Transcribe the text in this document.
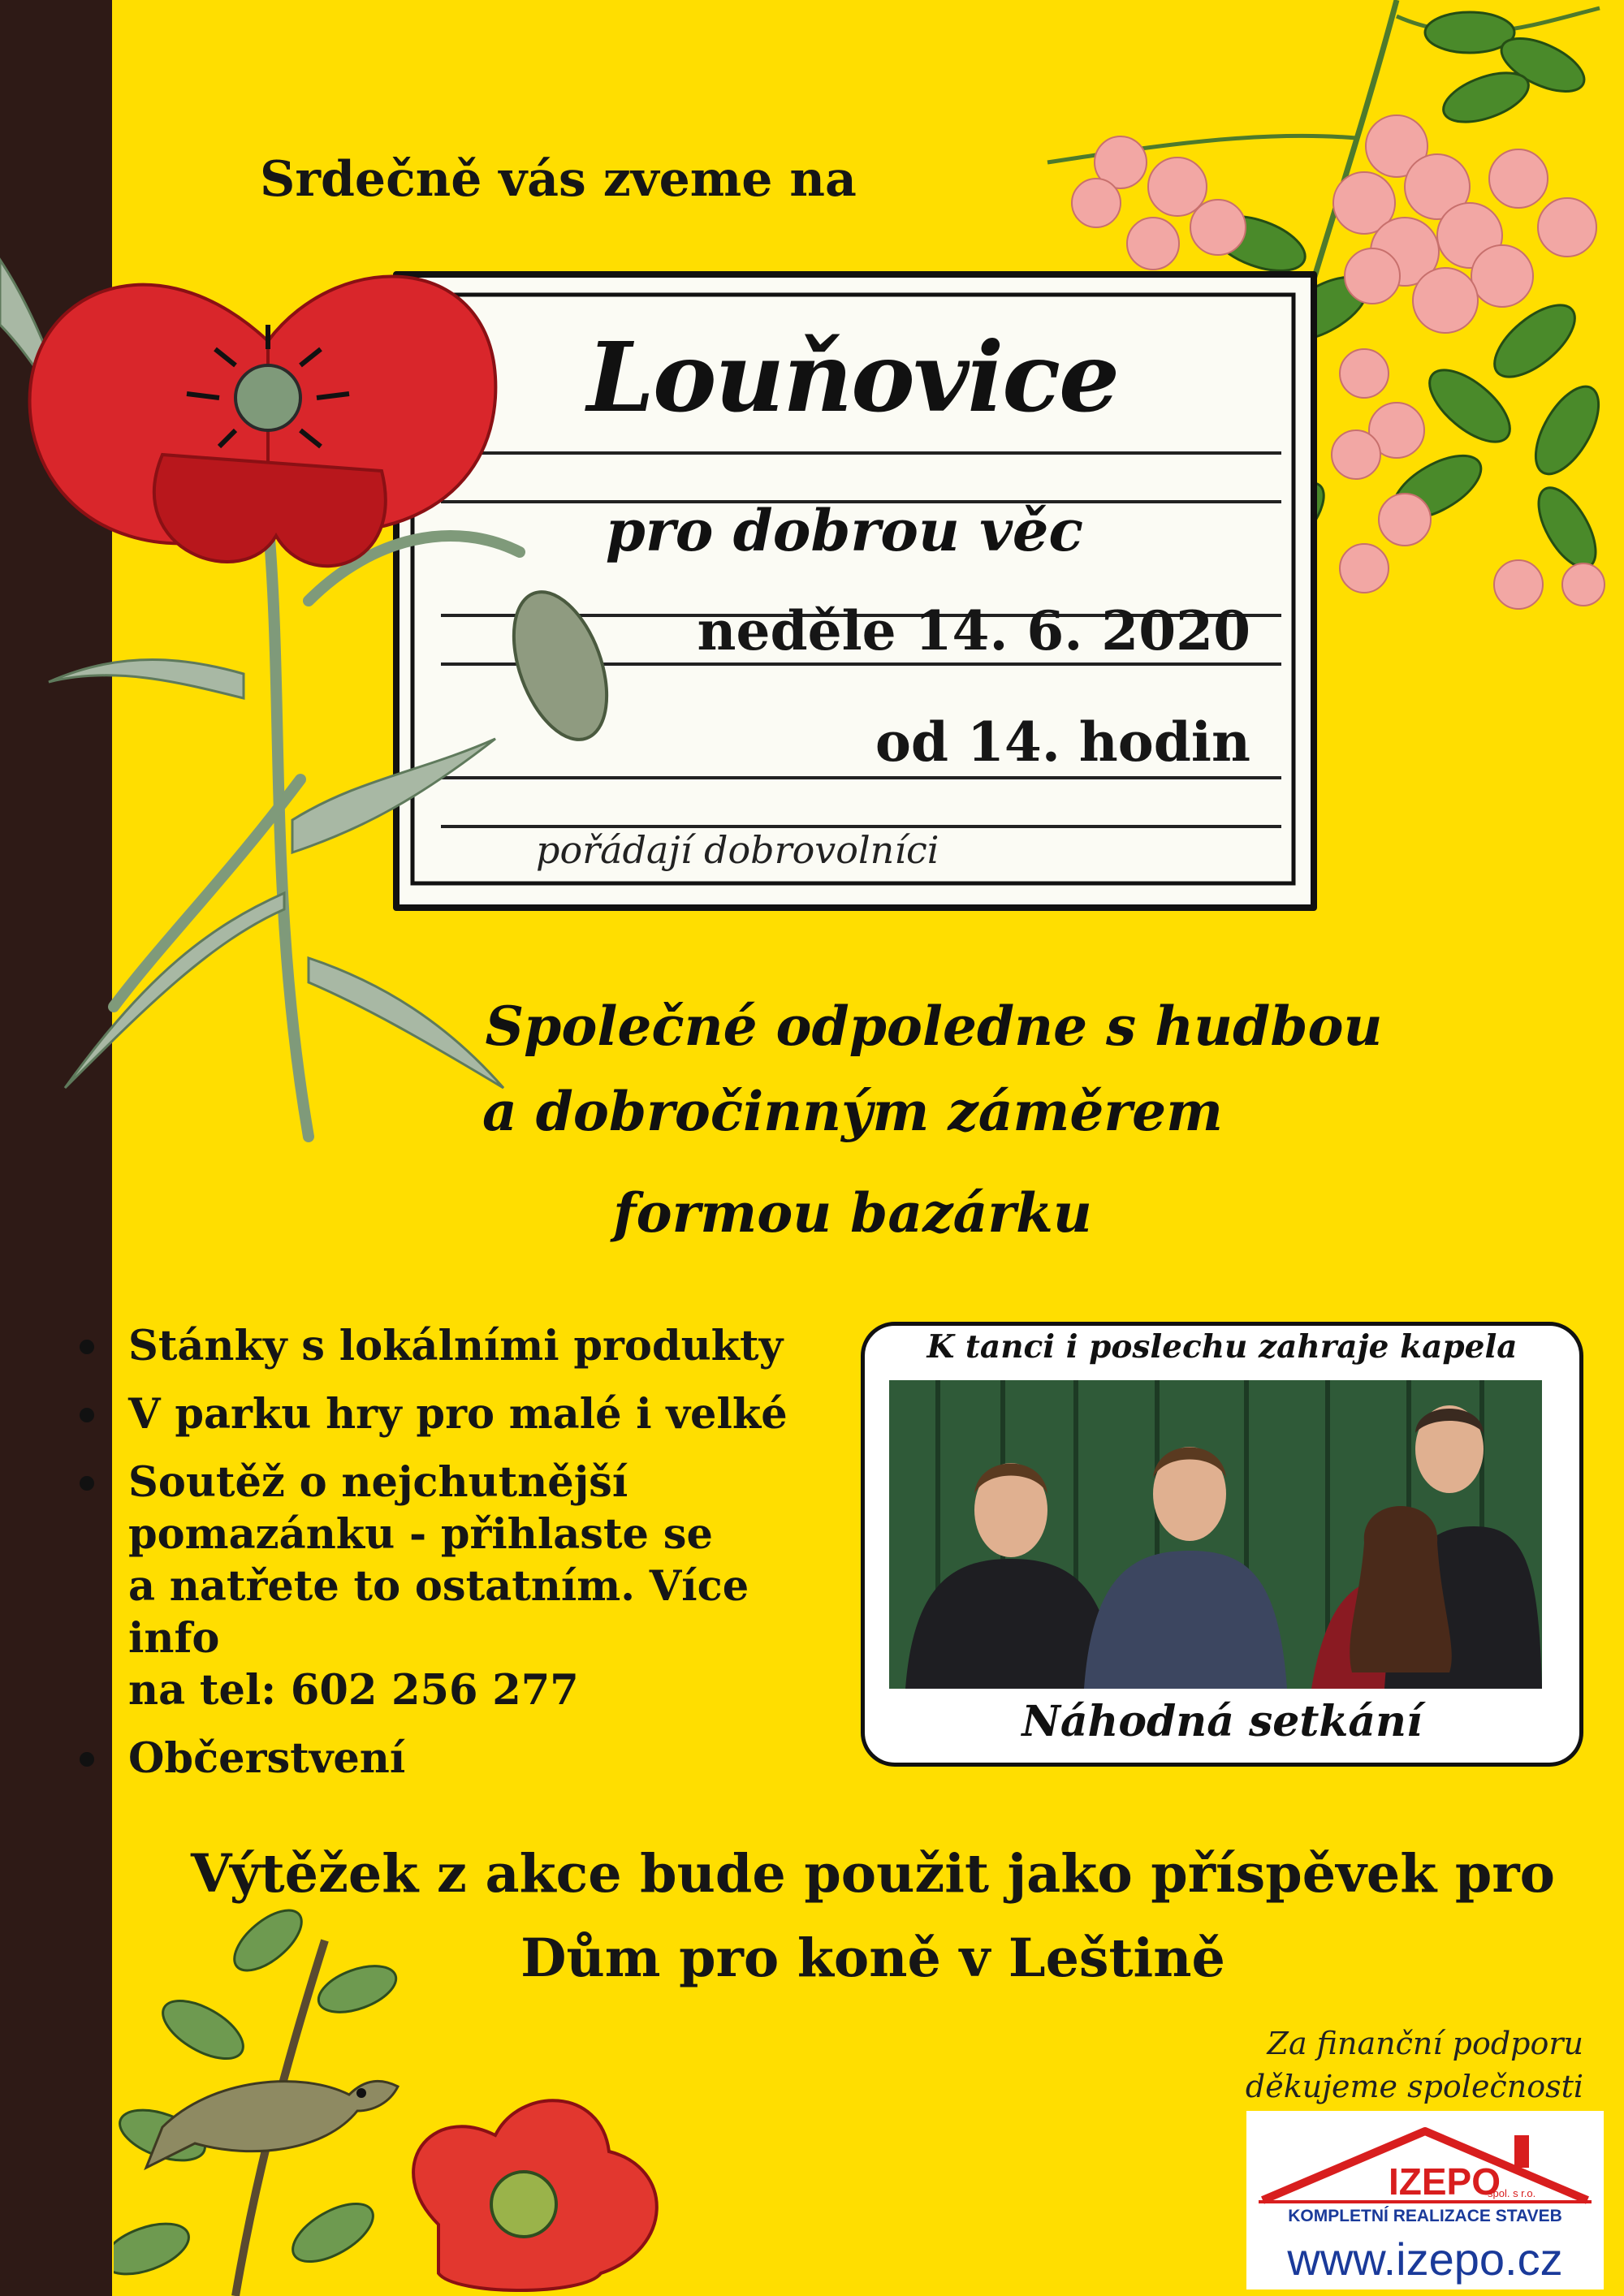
Srdečně vás zveme na
Louňovice
pro dobrou věc
neděle 14. 6. 2020
od 14. hodin
pořádají dobrovolníci
Společné odpoledne s hudbou
a dobročinným záměrem
formou bazárku
Stánky s lokálními produkty
V parku hry pro malé i velké
Soutěž o nejchutnější
pomazánku - přihlaste se
a natřete to ostatním. Více info
na tel: 602 256 277
Občerstvení
K tanci i poslechu zahraje kapela
Náhodná setkání
Výtěžek z akce bude použit jako příspěvek pro
Dům pro koně v Leštině
Za finanční podporu
děkujeme společnosti
IZEPO
spol. s r.o.
KOMPLETNÍ REALIZACE STAVEB
www.izepo.cz
